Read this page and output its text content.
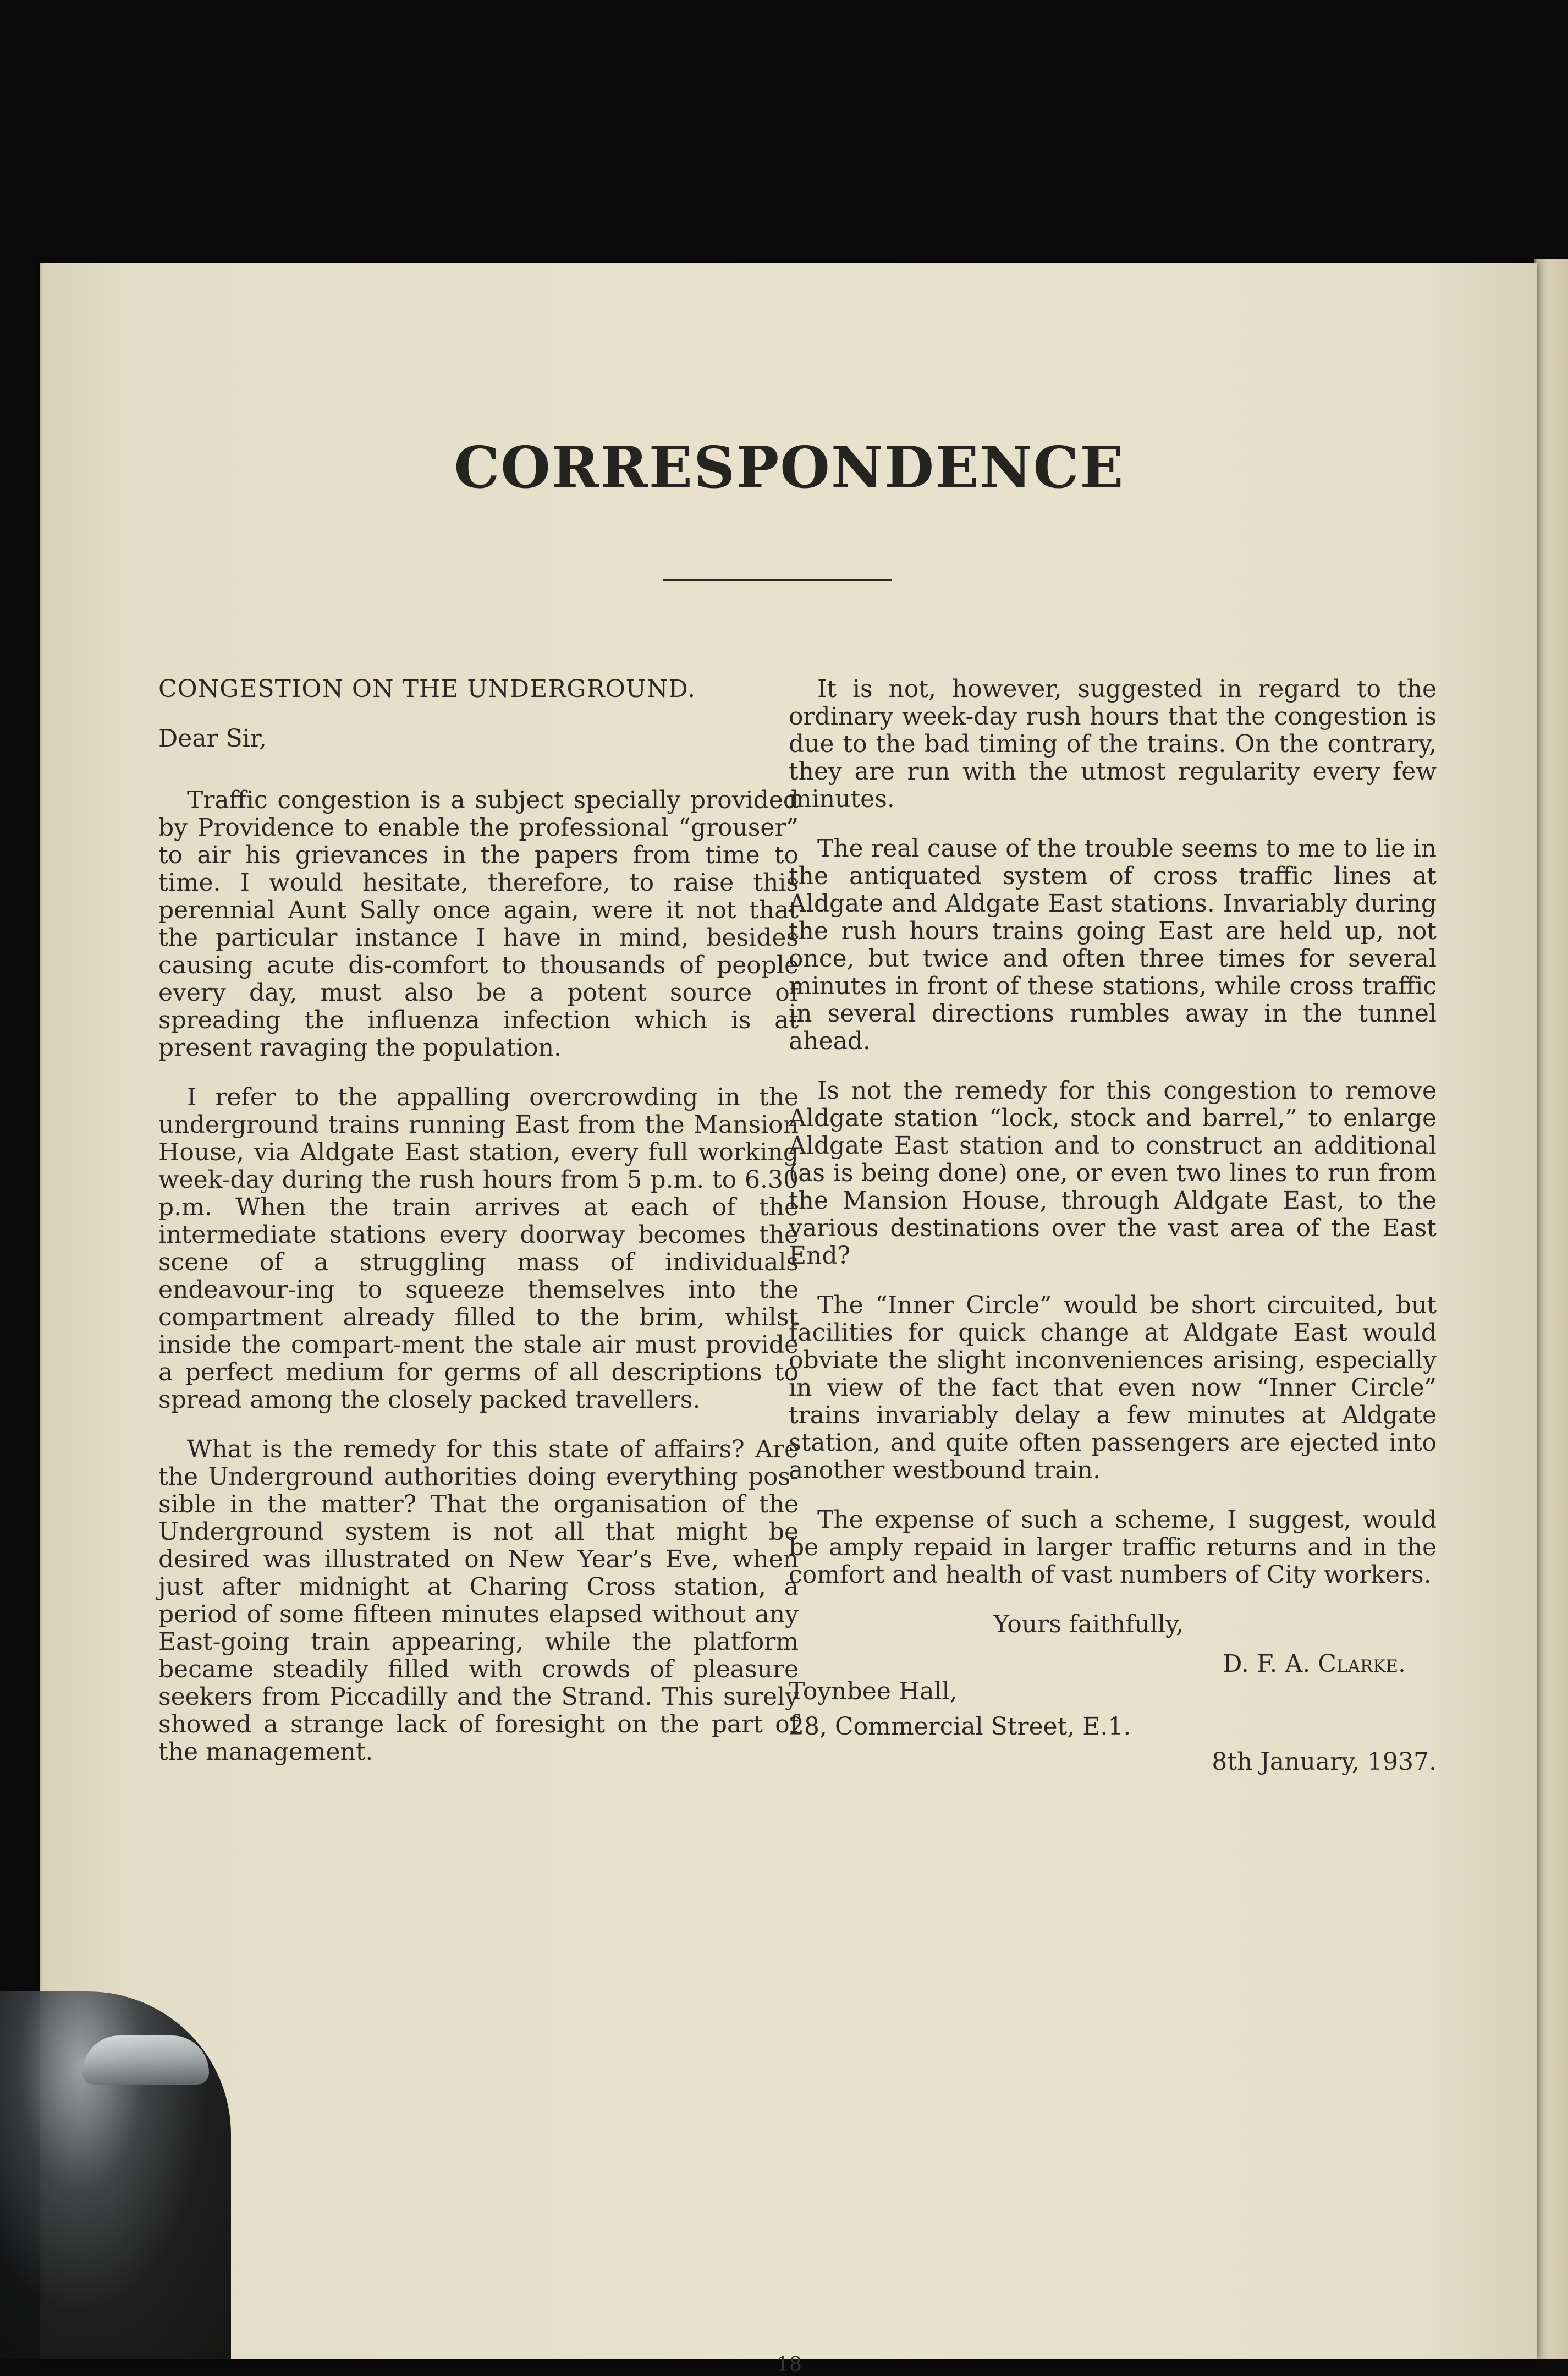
CORRESPONDENCE
CONGESTION ON THE UNDERGROUND.

Dear Sir,

Traffic congestion is a subject specially provided by Providence to enable the professional “grouser” to air his grievances in the papers from time to time. I would hesitate, therefore, to raise this perennial Aunt Sally once again, were it not that the particular instance I have in mind, besides causing acute dis‐comfort to thousands of people every day, must also be a potent source of spreading the influenza infection which is at present ravaging the population.

I refer to the appalling overcrowding in the underground trains running East from the Mansion House, via Aldgate East station, every full working week-day during the rush hours from 5 p.m. to 6.30 p.m. When the train arrives at each of the intermediate stations every doorway becomes the scene of a struggling mass of individuals endeavour‐ing to squeeze themselves into the compartment already filled to the brim, whilst inside the compart‐ment the stale air must provide a perfect medium for germs of all descriptions to spread among the closely packed travellers.

What is the remedy for this state of affairs? Are the Underground authorities doing everything pos‐sible in the matter? That the organisation of the Underground system is not all that might be desired was illustrated on New Year’s Eve, when just after midnight at Charing Cross station, a period of some fifteen minutes elapsed without any East‐going train appearing, while the platform became steadily filled with crowds of pleasure seekers from Piccadilly and the Strand. This surely showed a strange lack of foresight on the part of the management.

It is not, however, suggested in regard to the ordinary week-day rush hours that the congestion is due to the bad timing of the trains. On the contrary, they are run with the utmost regularity every few minutes.

The real cause of the trouble seems to me to lie in the antiquated system of cross traffic lines at Aldgate and Aldgate East stations. Invariably during the rush hours trains going East are held up, not once, but twice and often three times for several minutes in front of these stations, while cross traffic in several directions rumbles away in the tunnel ahead.

Is not the remedy for this congestion to remove Aldgate station “lock, stock and barrel,” to enlarge Aldgate East station and to construct an additional (as is being done) one, or even two lines to run from the Mansion House, through Aldgate East, to the various destinations over the vast area of the East End?

The “Inner Circle” would be short circuited, but facilities for quick change at Aldgate East would obviate the slight inconveniences arising, especially in view of the fact that even now “Inner Circle” trains invariably delay a few minutes at Aldgate station, and quite often passengers are ejected into another westbound train.

The expense of such a scheme, I suggest, would be amply repaid in larger traffic returns and in the comfort and health of vast numbers of City workers.

Yours faithfully,

D. F. A. Clarke.

Toynbee Hall,

28, Commercial Street, E.1.

8th January, 1937.

18
